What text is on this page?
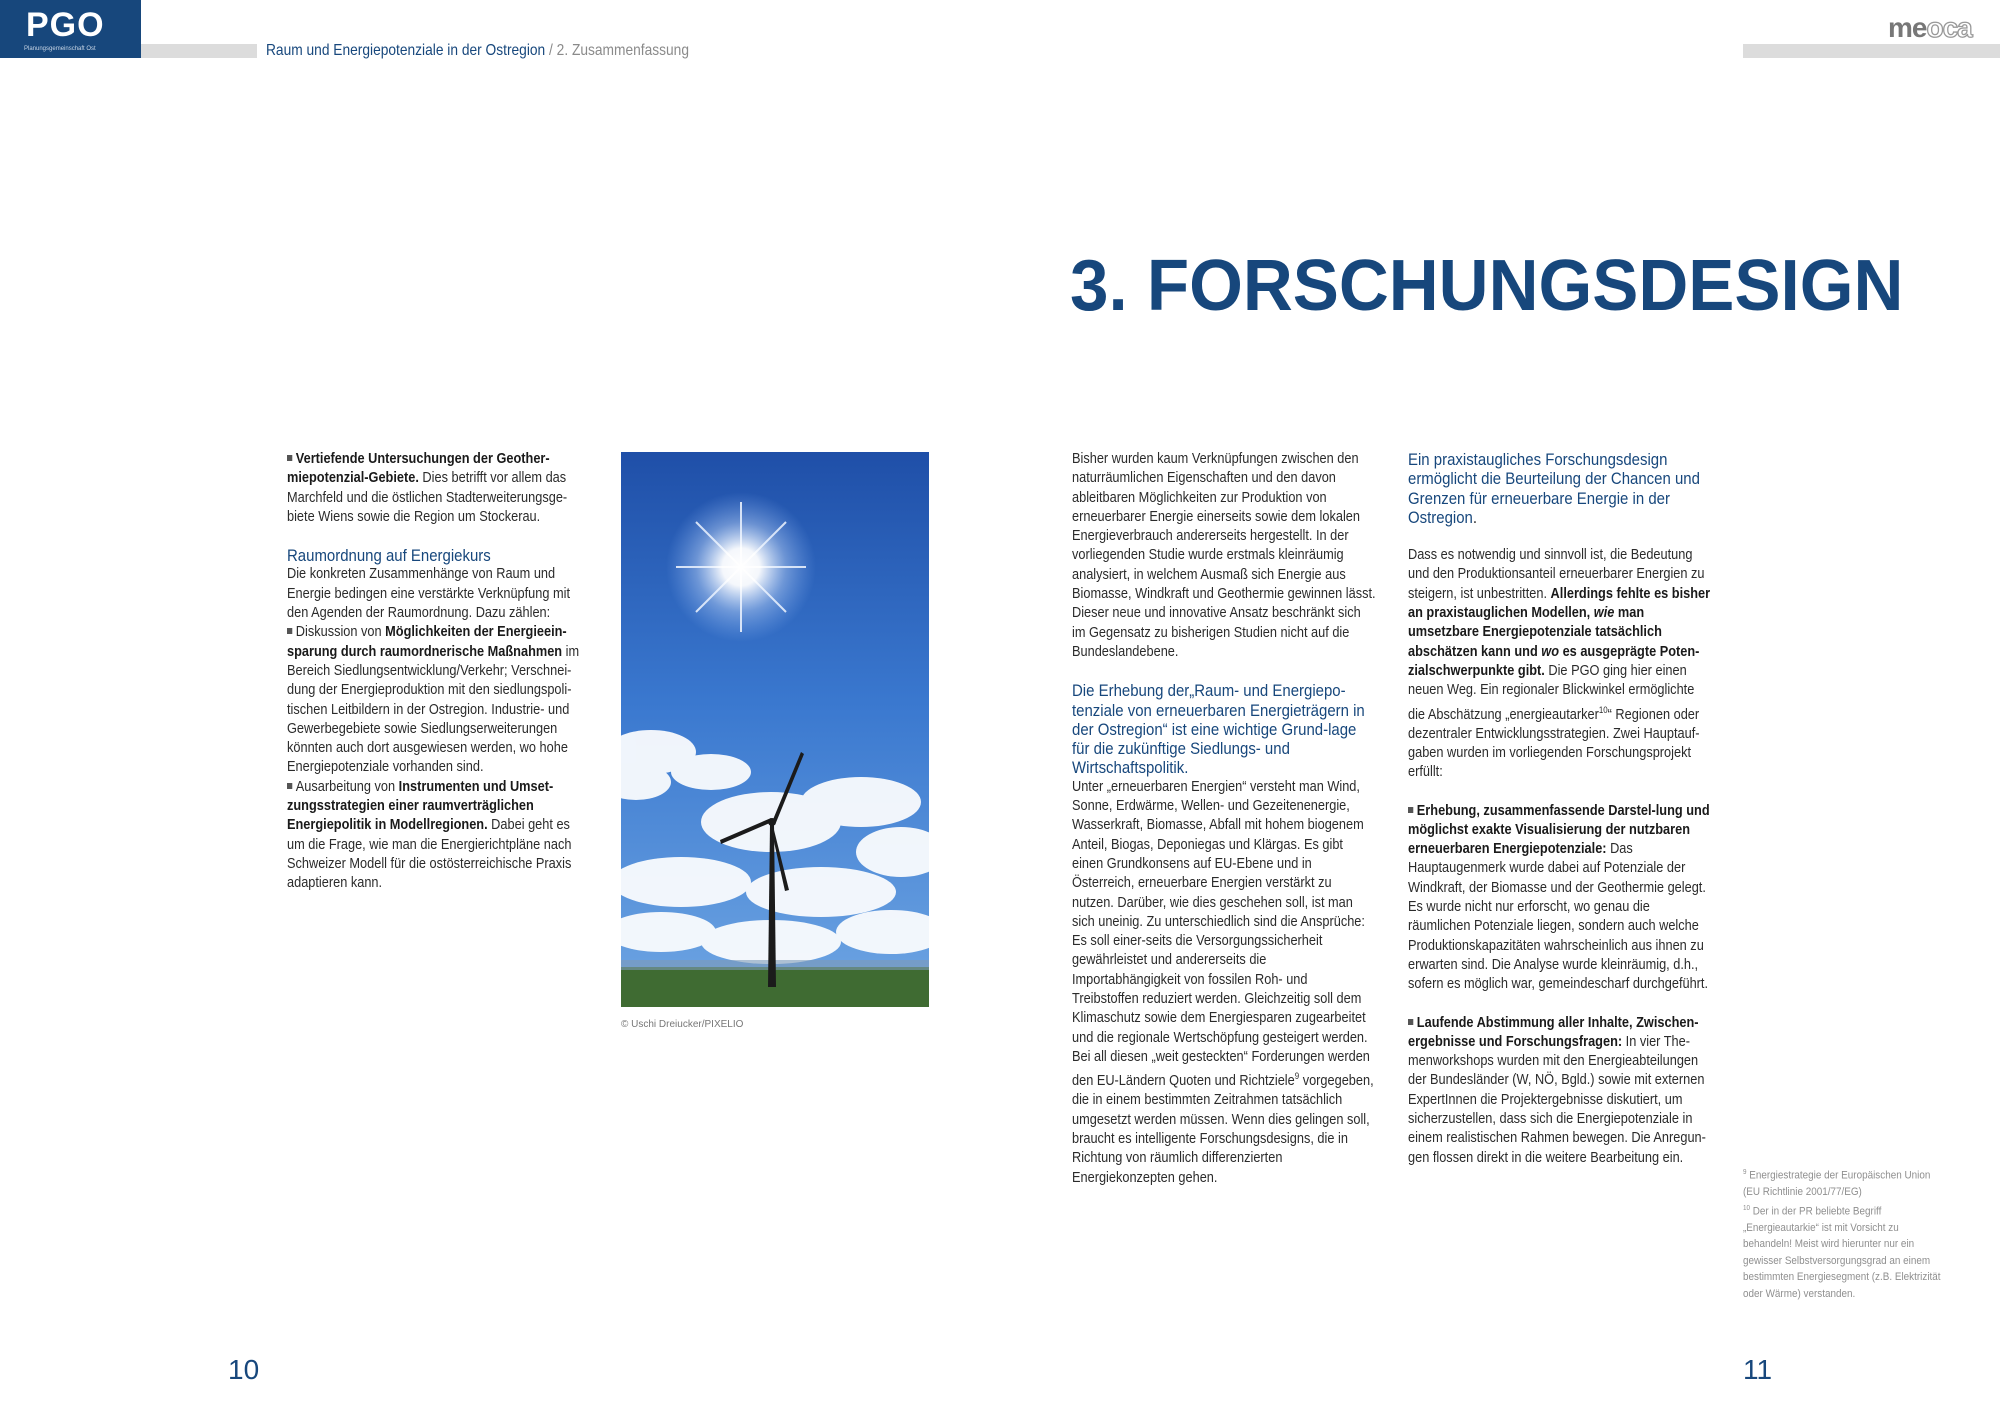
PGO
Planungsgemeinschaft Ost	Raum und Energiepotenziale in der Ostregion / 2. Zusammenfassung
meoca
3. FORSCHUNGSDESIGN

Vertiefende Untersuchungen der Geother-miepotenzial-Gebiete. Dies betrifft vor allem das Marchfeld und die östlichen Stadterweiterungsge-biete Wiens sowie die Region um Stockerau.

Raumordnung auf Energiekurs

Die konkreten Zusammenhänge von Raum und Energie bedingen eine verstärkte Verknüpfung mit den Agenden der Raumordnung. Dazu zählen:

Diskussion von Möglichkeiten der Energieein-sparung durch raumordnerische Maßnahmen im Bereich Siedlungsentwicklung/Verkehr; Verschnei-dung der Energieproduktion mit den siedlungspoli-tischen Leitbildern in der Ostregion. Industrie- und Gewerbegebiete sowie Siedlungserweiterungen könnten auch dort ausgewiesen werden, wo hohe Energiepotenziale vorhanden sind.

Ausarbeitung von Instrumenten und Umset-zungsstrategien einer raumverträglichen Energiepolitik in Modellregionen. Dabei geht es um die Frage, wie man die Energierichtpläne nach Schweizer Modell für die ostösterreichische Praxis adaptieren kann.

© Uschi Dreiucker/PIXELIO

Bisher wurden kaum Verknüpfungen zwischen den naturräumlichen Eigenschaften und den davon ableitbaren Möglichkeiten zur Produktion von erneuerbarer Energie einerseits sowie dem lokalen Energieverbrauch andererseits hergestellt. In der vorliegenden Studie wurde erstmals kleinräumig analysiert, in welchem Ausmaß sich Energie aus Biomasse, Windkraft und Geothermie gewinnen lässt. Dieser neue und innovative Ansatz beschränkt sich im Gegensatz zu bisherigen Studien nicht auf die Bundeslandebene.

Die Erhebung der„Raum- und Energiepo-tenziale von erneuerbaren Energieträgern in der Ostregion“ ist eine wichtige Grund-lage für die zukünftige Siedlungs- und Wirtschaftspolitik.

Unter „erneuerbaren Energien“ versteht man Wind, Sonne, Erdwärme, Wellen- und Gezeitenenergie, Wasserkraft, Biomasse, Abfall mit hohem biogenem Anteil, Biogas, Deponiegas und Klärgas. Es gibt einen Grundkonsens auf EU-Ebene und in Österreich, erneuerbare Energien verstärkt zu nutzen. Darüber, wie dies geschehen soll, ist man sich uneinig. Zu unterschiedlich sind die Ansprüche: Es soll einer-seits die Versorgungssicherheit gewährleistet und andererseits die Importabhängigkeit von fossilen Roh- und Treibstoffen reduziert werden. Gleichzeitig soll dem Klimaschutz sowie dem Energiesparen zugearbeitet und die regionale Wertschöpfung gesteigert werden. Bei all diesen „weit gesteckten“ Forderungen werden den EU-Ländern Quoten und Richtziele$^9$ vorgegeben, die in einem bestimmten Zeitrahmen tatsächlich umgesetzt werden müssen. Wenn dies gelingen soll, braucht es intelligente Forschungsdesigns, die in Richtung von räumlich differenzierten Energiekonzepten gehen.

Ein praxistaugliches Forschungsdesign ermöglicht die Beurteilung der Chancen und Grenzen für erneuerbare Energie in der Ostregion.

Dass es notwendig und sinnvoll ist, die Bedeutung und den Produktionsanteil erneuerbarer Energien zu steigern, ist unbestritten. Allerdings fehlte es bisher an praxistauglichen Modellen, wie man umsetzbare Energiepotenziale tatsächlich abschätzen kann und wo es ausgeprägte Poten-zialschwerpunkte gibt. Die PGO ging hier einen neuen Weg. Ein regionaler Blickwinkel ermöglichte die Abschätzung „energieautarker$^{10}$“ Regionen oder dezentraler Entwicklungsstrategien. Zwei Hauptauf-gaben wurden im vorliegenden Forschungsprojekt erfüllt:

Erhebung, zusammenfassende Darstel-lung und möglichst exakte Visualisierung der nutzbaren erneuerbaren Energiepotenziale: Das Hauptaugenmerk wurde dabei auf Potenziale der Windkraft, der Biomasse und der Geothermie gelegt. Es wurde nicht nur erforscht, wo genau die räumlichen Potenziale liegen, sondern auch welche Produktionskapazitäten wahrscheinlich aus ihnen zu erwarten sind. Die Analyse wurde kleinräumig, d.h., sofern es möglich war, gemeindescharf durchgeführt.

Laufende Abstimmung aller Inhalte, Zwischen-ergebnisse und Forschungsfragen: In vier The-menworkshops wurden mit den Energieabteilungen der Bundesländer (W, NÖ, Bgld.) sowie mit externen ExpertInnen die Projektergebnisse diskutiert, um sicherzustellen, dass sich die Energiepotenziale in einem realistischen Rahmen bewegen. Die Anregun-gen flossen direkt in die weitere Bearbeitung ein.

$^9$ Energiestrategie der Europäischen Union (EU Richtlinie 2001/77/EG)
$^{10}$ Der in der PR beliebte Begriff „Energieautarkie“ ist mit Vorsicht zu behandeln! Meist wird hierunter nur ein gewisser Selbstversorgungsgrad an einem bestimmten Energiesegment (z.B. Elektrizität oder Wärme) verstanden.
10	11
